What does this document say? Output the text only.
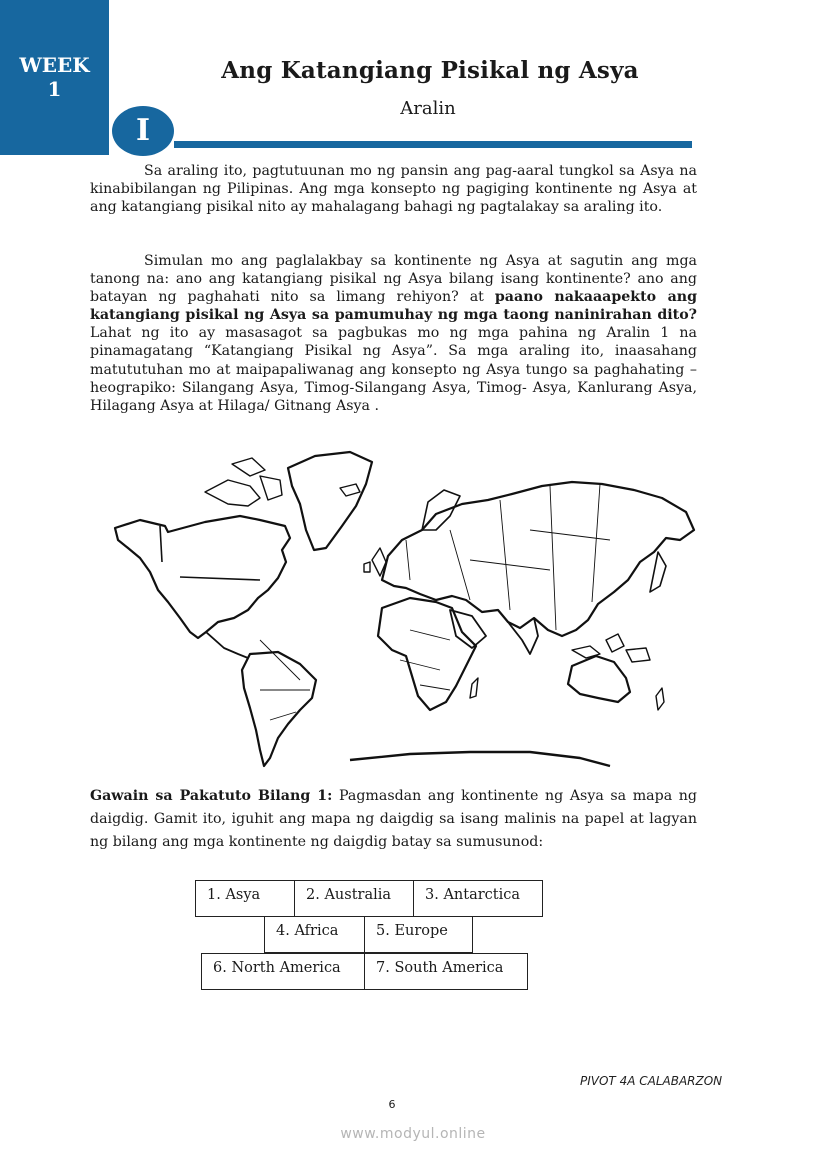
WEEK
1
Ang Katangiang Pisikal ng Asya
Aralin
I

Sa araling ito, pagtutuunan mo ng pansin ang pag-aaral tungkol sa Asya na kinabibilangan ng Pilipinas. Ang mga konsepto ng pagiging kontinente ng Asya at ang katangiang pisikal nito ay mahalagang bahagi ng pagtalakay sa araling ito.

Simulan mo ang paglalakbay sa kontinente ng Asya at sagutin ang mga tanong na: ano ang katangiang pisikal ng Asya bilang isang kontinente? ano ang batayan ng paghahati nito sa limang rehiyon? at paano nakaaapekto ang katangiang pisikal ng Asya sa pamumuhay ng mga taong naninirahan dito? Lahat ng ito ay masasagot sa pagbukas mo ng mga pahina ng Aralin 1 na pinamagatang “Katangiang Pisikal ng Asya”. Sa mga araling ito, inaasahang matututuhan mo at maipapaliwanag ang konsepto ng Asya tungo sa paghahating – heograpiko: Silangang Asya, Timog-Silangang Asya, Timog- Asya, Kanlurang Asya, Hilagang Asya at Hilaga/ Gitnang Asya .

Gawain sa Pakatuto Bilang 1: Pagmasdan ang kontinente ng Asya sa mapa ng daigdig. Gamit ito, iguhit ang mapa ng daigdig sa isang malinis na papel at lagyan ng bilang ang mga kontinente ng daigdig batay sa sumusunod:

1. Asya	2. Australia	3. Antarctica
4. Africa	5. Europe
6. North America	7. South America
PIVOT 4A CALABARZON
6
www.modyul.online
